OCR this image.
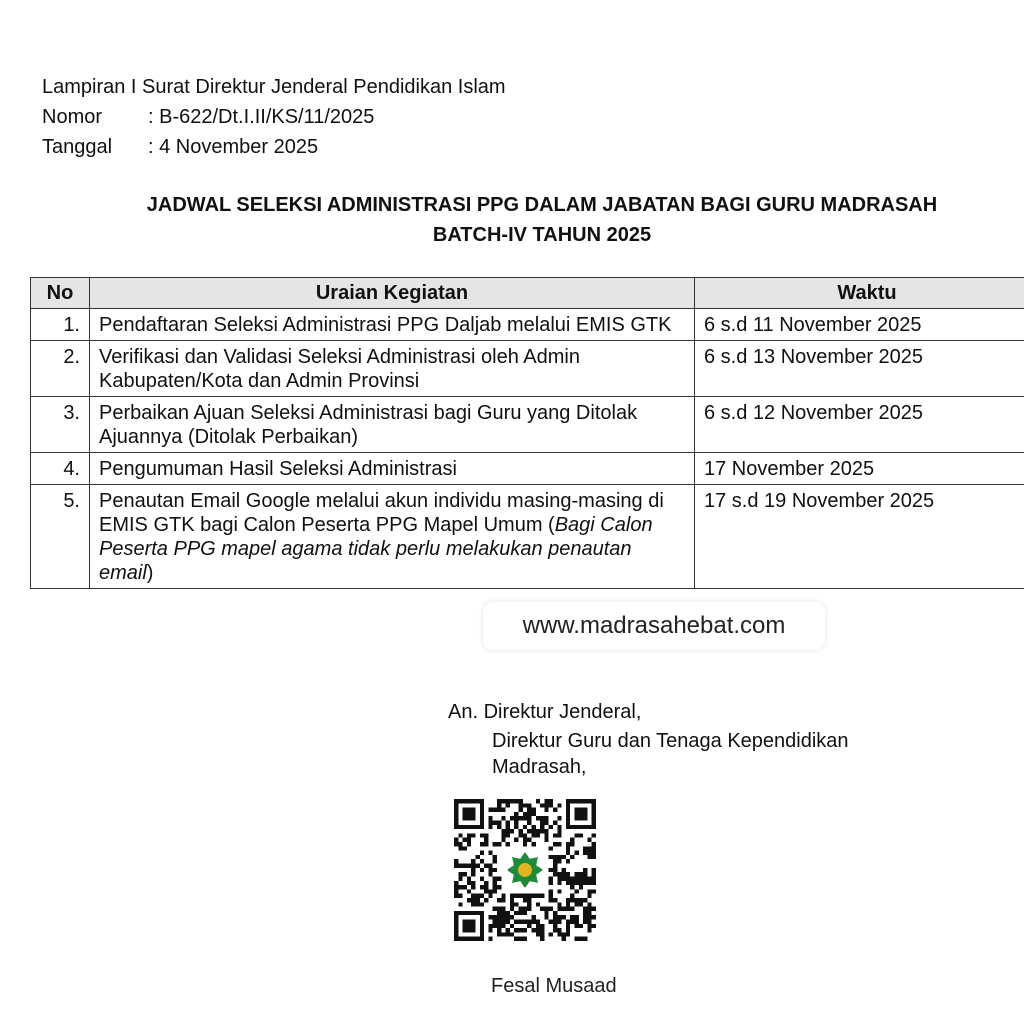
Lampiran I Surat Direktur Jenderal Pendidikan Islam
Nomor	: B-622/Dt.I.II/KS/11/2025
Tanggal	: 4 November 2025
JADWAL SELEKSI ADMINISTRASI PPG DALAM JABATAN BAGI GURU MADRASAH
BATCH-IV TAHUN 2025
No	Uraian Kegiatan	Waktu
1.	Pendaftaran Seleksi Administrasi PPG Daljab melalui EMIS GTK	6 s.d 11 November 2025
2.	Verifikasi dan Validasi Seleksi Administrasi oleh Admin Kabupaten/Kota dan Admin Provinsi	6 s.d 13 November 2025
3.	Perbaikan Ajuan Seleksi Administrasi bagi Guru yang Ditolak Ajuannya (Ditolak Perbaikan)	6 s.d 12 November 2025
4.	Pengumuman Hasil Seleksi Administrasi	17 November 2025
5.	Penautan Email Google melalui akun individu masing-masing di EMIS GTK bagi Calon Peserta PPG Mapel Umum (Bagi Calon Peserta PPG mapel agama tidak perlu melakukan penautan email)	17 s.d 19 November 2025
www.madrasahebat.com
An. Direktur Jenderal,
Direktur Guru dan Tenaga Kependidikan Madrasah,
Fesal Musaad
